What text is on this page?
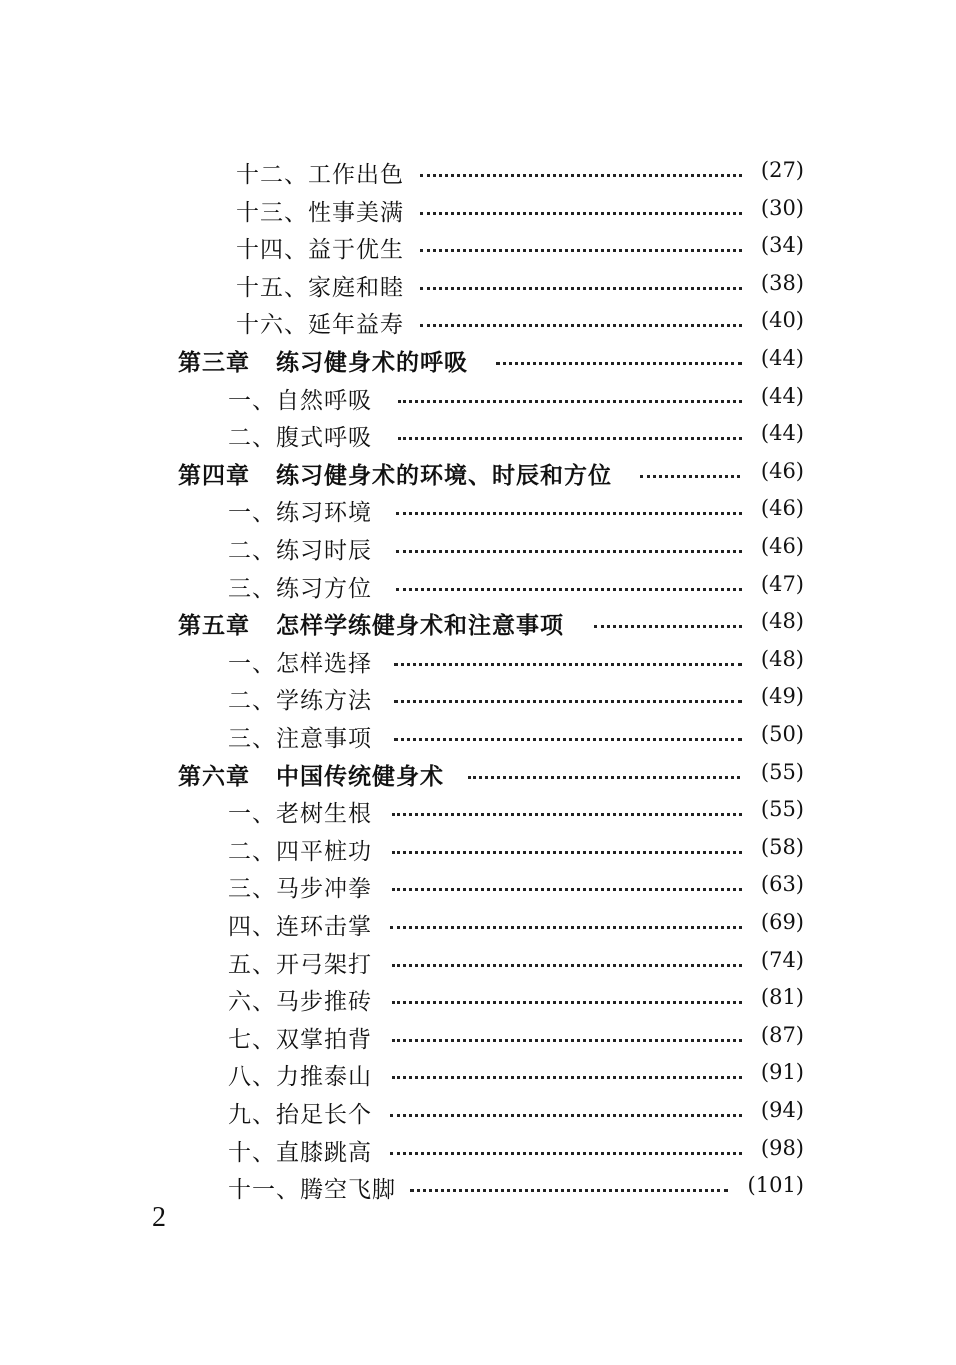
十二、工作出色	(27)
十三、性事美满	(30)
十四、益于优生	(34)
十五、家庭和睦	(38)
十六、延年益寿	(40)
第三章 练习健身术的呼吸	(44)
一、自然呼吸	(44)
二、腹式呼吸	(44)
第四章 练习健身术的环境、时辰和方位	(46)
一、练习环境	(46)
二、练习时辰	(46)
三、练习方位	(47)
第五章 怎样学练健身术和注意事项	(48)
一、怎样选择	(48)
二、学练方法	(49)
三、注意事项	(50)
第六章 中国传统健身术	(55)
一、老树生根	(55)
二、四平桩功	(58)
三、马步冲拳	(63)
四、连环击掌	(69)
五、开弓架打	(74)
六、马步推砖	(81)
七、双掌拍背	(87)
八、力推泰山	(91)
九、抬足长个	(94)
十、直膝跳高	(98)
十一、腾空飞脚	(101)
2
